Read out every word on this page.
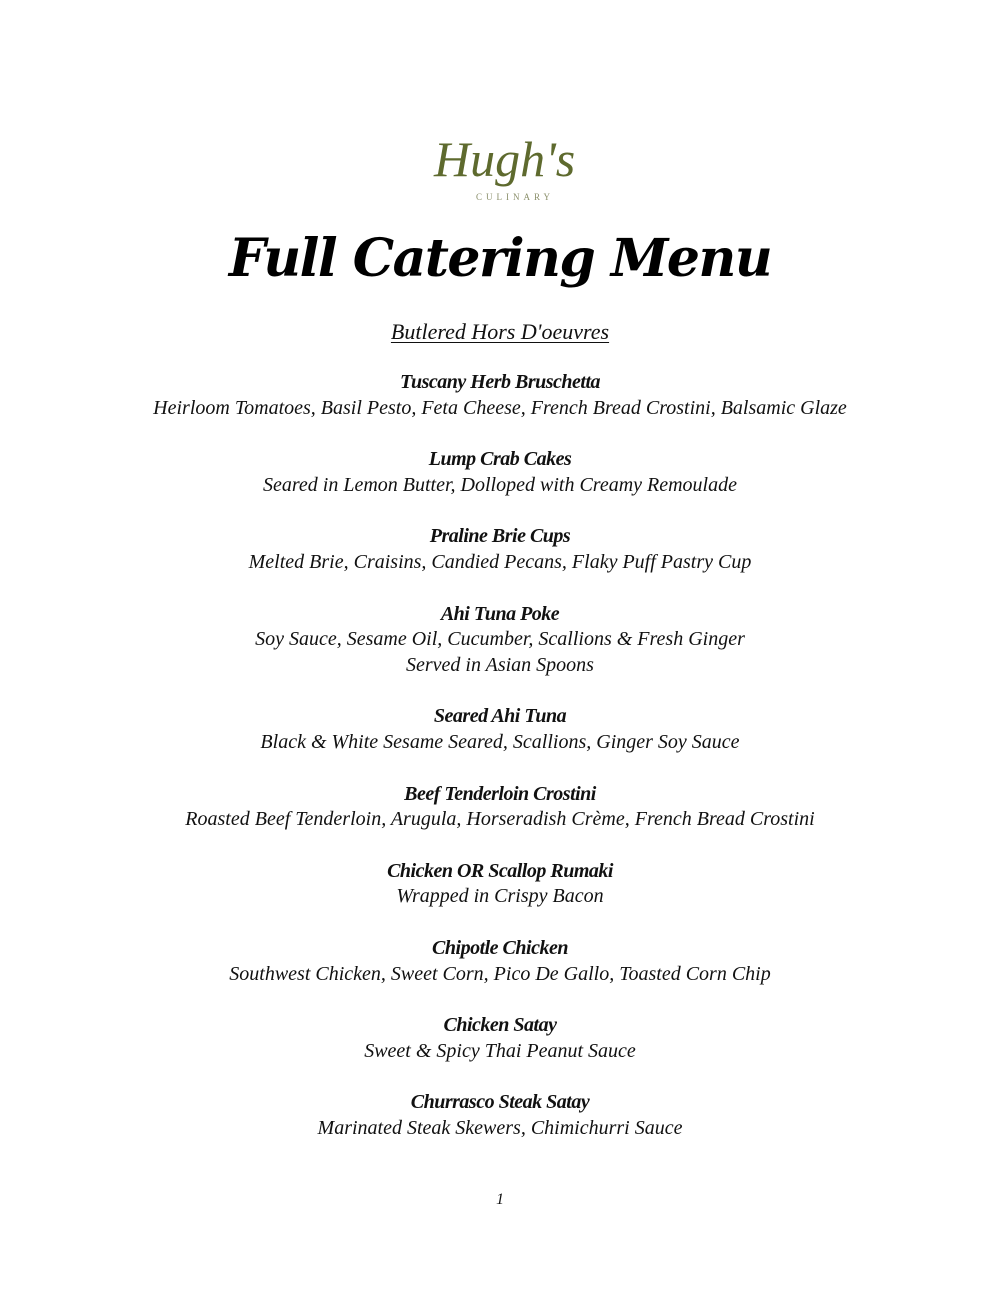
Hugh's
CULINARY
Full Catering Menu
Butlered Hors D'oeuvres
Tuscany Herb Bruschetta
Heirloom Tomatoes, Basil Pesto, Feta Cheese, French Bread Crostini, Balsamic Glaze
Lump Crab Cakes
Seared in Lemon Butter, Dolloped with Creamy Remoulade
Praline Brie Cups
Melted Brie, Craisins, Candied Pecans, Flaky Puff Pastry Cup
Ahi Tuna Poke
Soy Sauce, Sesame Oil, Cucumber, Scallions & Fresh Ginger
Served in Asian Spoons
Seared Ahi Tuna
Black & White Sesame Seared, Scallions, Ginger Soy Sauce
Beef Tenderloin Crostini
Roasted Beef Tenderloin, Arugula, Horseradish Crème, French Bread Crostini
Chicken OR Scallop Rumaki
Wrapped in Crispy Bacon
Chipotle Chicken
Southwest Chicken, Sweet Corn, Pico De Gallo, Toasted Corn Chip
Chicken Satay
Sweet & Spicy Thai Peanut Sauce
Churrasco Steak Satay
Marinated Steak Skewers, Chimichurri Sauce
1
